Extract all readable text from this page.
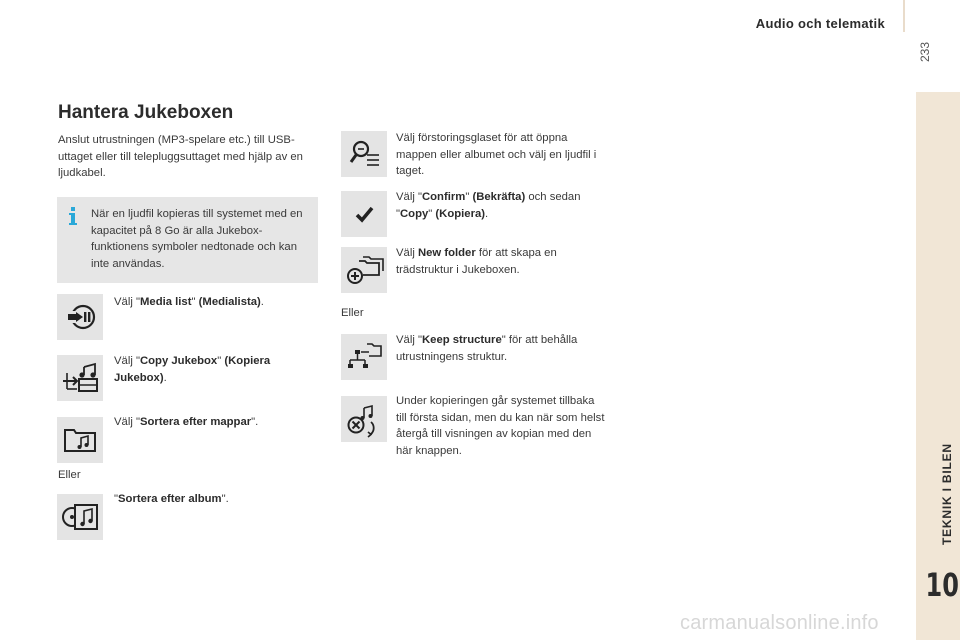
Audio och telematik
233
TEKNIK I BILEN
10
Hantera Jukeboxen
Anslut utrustningen (MP3-spelare etc.) till USB-uttaget eller till telepluggsuttaget med hjälp av en ljudkabel.
När en ljudfil kopieras till systemet med en kapacitet på 8 Go är alla Jukebox-funktionens symboler nedtonade och kan inte användas.
Välj "Media list" (Medialista).
Välj "Copy Jukebox" (Kopiera Jukebox).
Välj "Sortera efter mappar".
Eller
"Sortera efter album".
Välj förstoringsglaset för att öppna mappen eller albumet och välj en ljudfil i taget.
Välj "Confirm" (Bekräfta) och sedan "Copy" (Kopiera).
Välj New folder för att skapa en trädstruktur i Jukeboxen.
Eller
Välj "Keep structure" för att behålla utrustningens struktur.
Under kopieringen går systemet tillbaka till första sidan, men du kan när som helst återgå till visningen av kopian med den här knappen.
carmanualsonline.info
